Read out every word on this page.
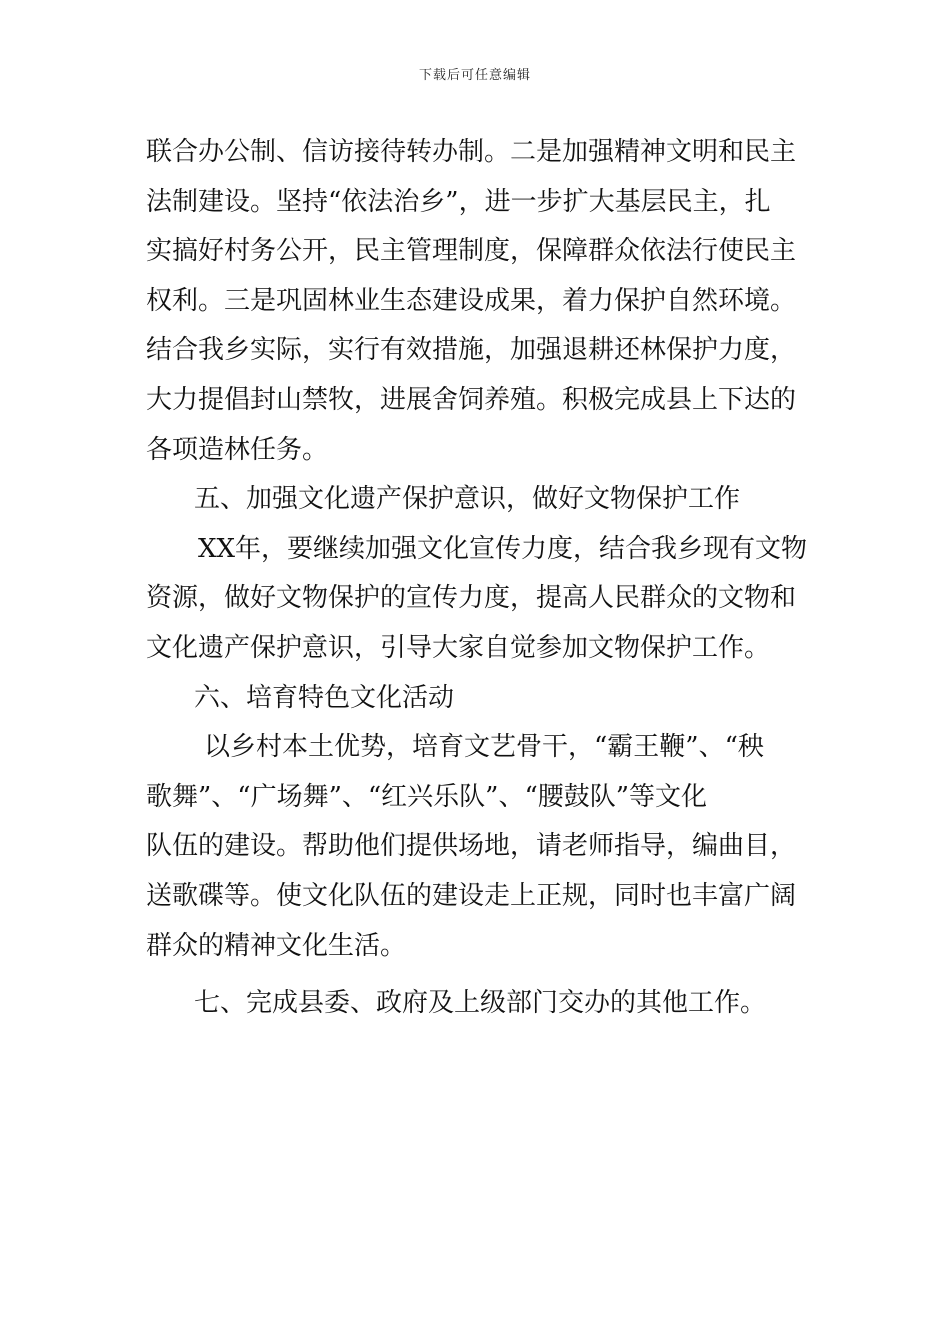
下载后可任意编辑
联合办公制、信访接待转办制。二是加强精神文明和民主
法制建设。坚持“依法治乡”，进一步扩大基层民主，扎
实搞好村务公开，民主管理制度，保障群众依法行使民主
权利。三是巩固林业生态建设成果，着力保护自然环境。
结合我乡实际，实行有效措施，加强退耕还林保护力度，
大力提倡封山禁牧，进展舍饲养殖。积极完成县上下达的
各项造林任务。
五、加强文化遗产保护意识，做好文物保护工作
XX年，要继续加强文化宣传力度，结合我乡现有文物
资源，做好文物保护的宣传力度，提高人民群众的文物和
文化遗产保护意识，引导大家自觉参加文物保护工作。
六、培育特色文化活动
以乡村本土优势，培育文艺骨干，“霸王鞭”、“秧
歌舞”、“广场舞”、“红兴乐队”、“腰鼓队”等文化
队伍的建设。帮助他们提供场地，请老师指导，编曲目，
送歌碟等。使文化队伍的建设走上正规，同时也丰富广阔
群众的精神文化生活。
七、完成县委、政府及上级部门交办的其他工作。
